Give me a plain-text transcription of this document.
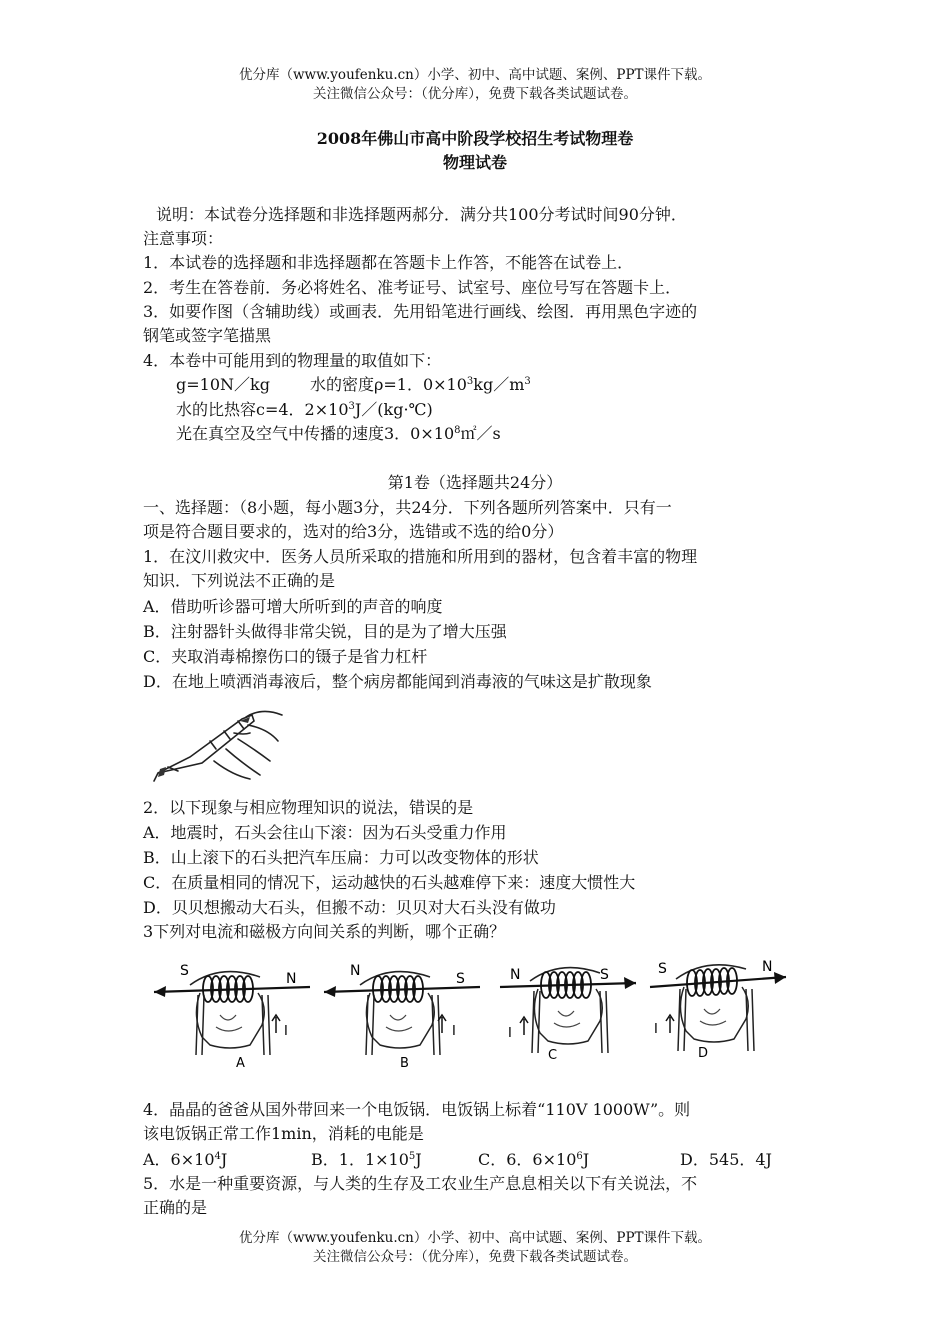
优分库（www.youfenku.cn）小学、初中、高中试题、案例、PPT课件下载。
关注微信公众号：（优分库），免费下载各类试题试卷。
2008年佛山市高中阶段学校招生考试物理卷
物理试卷
说明：本试卷分选择题和非选择题两郝分．满分共100分考试时间90分钟．
注意事项：
1．本试卷的选择题和非选择题都在答题卡上作答，不能答在试卷上．
2．考生在答卷前．务必将姓名、准考证号、试室号、座位号写在答题卡上．
3．如要作图（含辅助线）或画表．先用铅笔进行画线、绘图．再用黑色字迹的
钢笔或签字笔描黑
4．本卷中可能用到的物理量的取值如下：
g=10N／kg	水的密度ρ=1．$0\times 10^3kg/m^3$
水的比热容c=4．$2\times 10^3J/(kg\cdot℃)$
光在真空及空气中传播的速度3．$0\times 10^8㎡/s$
第1卷（选择题共24分）
一、选择题：（8小题，每小题3分，共24分．下列各题所列答案中．只有一
项是符合题目要求的，选对的给3分，选错或不选的给0分）
1．在汶川救灾中．医务人员所采取的措施和所用到的器材，包含着丰富的物理
知识．下列说法不正确的是
A．借助听诊器可增大所听到的声音的响度
B．注射器针头做得非常尖锐，目的是为了增大压强
C．夹取消毒棉擦伤口的镊子是省力杠杆
D．在地上喷洒消毒液后，整个病房都能闻到消毒液的气味这是扩散现象
2．以下现象与相应物理知识的说法，错误的是
A．地震时，石头会往山下滚：因为石头受重力作用
B．山上滚下的石头把汽车压扁：力可以改变物体的形状
C．在质量相同的情况下，运动越快的石头越难停下来：速度大惯性大
D．贝贝想搬动大石头，但搬不动：贝贝对大石头没有做功
3下列对电流和磁极方向间关系的判断，哪个正确？
S	N
I
A
N	S
I
B
N	S
I
C
S	N
I
D
4．晶晶的爸爸从国外带回来一个电饭锅．电饭锅上标着“110V 1000W”。则
该电饭锅正常工作1min，消耗的电能是
A．$6\times 10^4J$	B．1．$1\times 10^5J$	C．6．$6\times 10^6J$	D．545．4J
5．水是一种重要资源，与人类的生存及工农业生产息息相关以下有关说法，不
正确的是
优分库（www.youfenku.cn）小学、初中、高中试题、案例、PPT课件下载。
关注微信公众号：（优分库），免费下载各类试题试卷。
